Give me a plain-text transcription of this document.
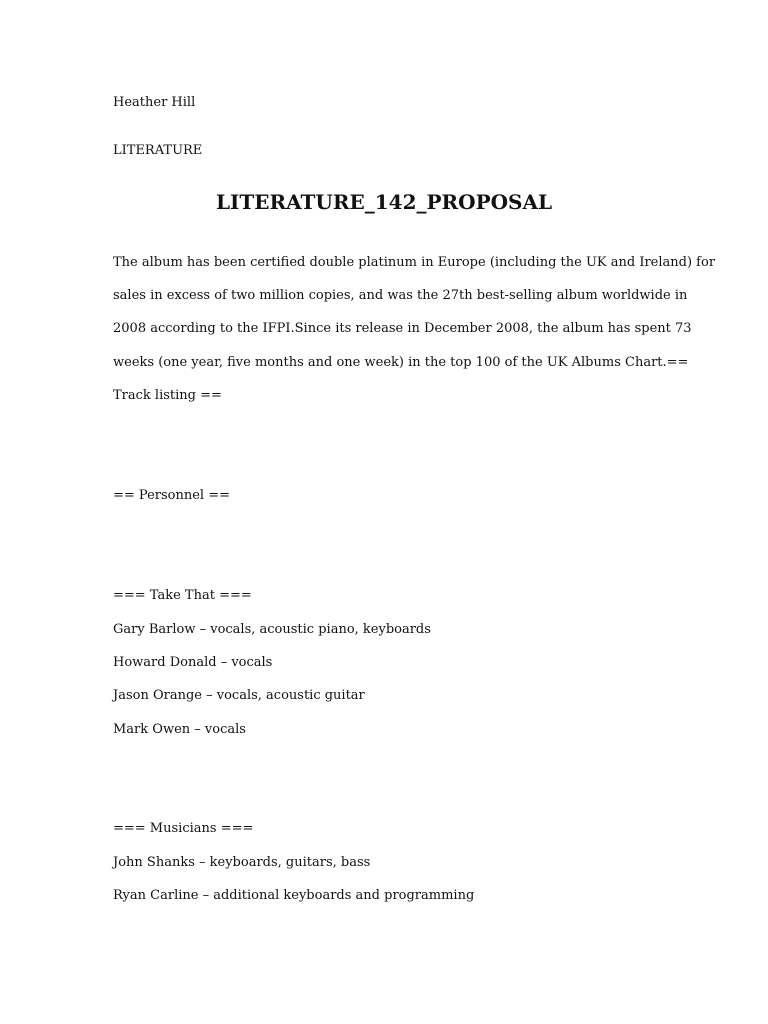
Heather Hill
LITERATURE
LITERATURE_142_PROPOSAL
The album has been certified double platinum in Europe (including the UK and Ireland) for
sales in excess of two million copies, and was the 27th best-selling album worldwide in
2008 according to the IFPI.Since its release in December 2008, the album has spent 73
weeks (one year, five months and one week) in the top 100 of the UK Albums Chart.==
Track listing ==
== Personnel ==
=== Take That ===
Gary Barlow – vocals, acoustic piano, keyboards
Howard Donald – vocals
Jason Orange – vocals, acoustic guitar
Mark Owen – vocals
=== Musicians ===
John Shanks – keyboards, guitars, bass
Ryan Carline – additional keyboards and programming
